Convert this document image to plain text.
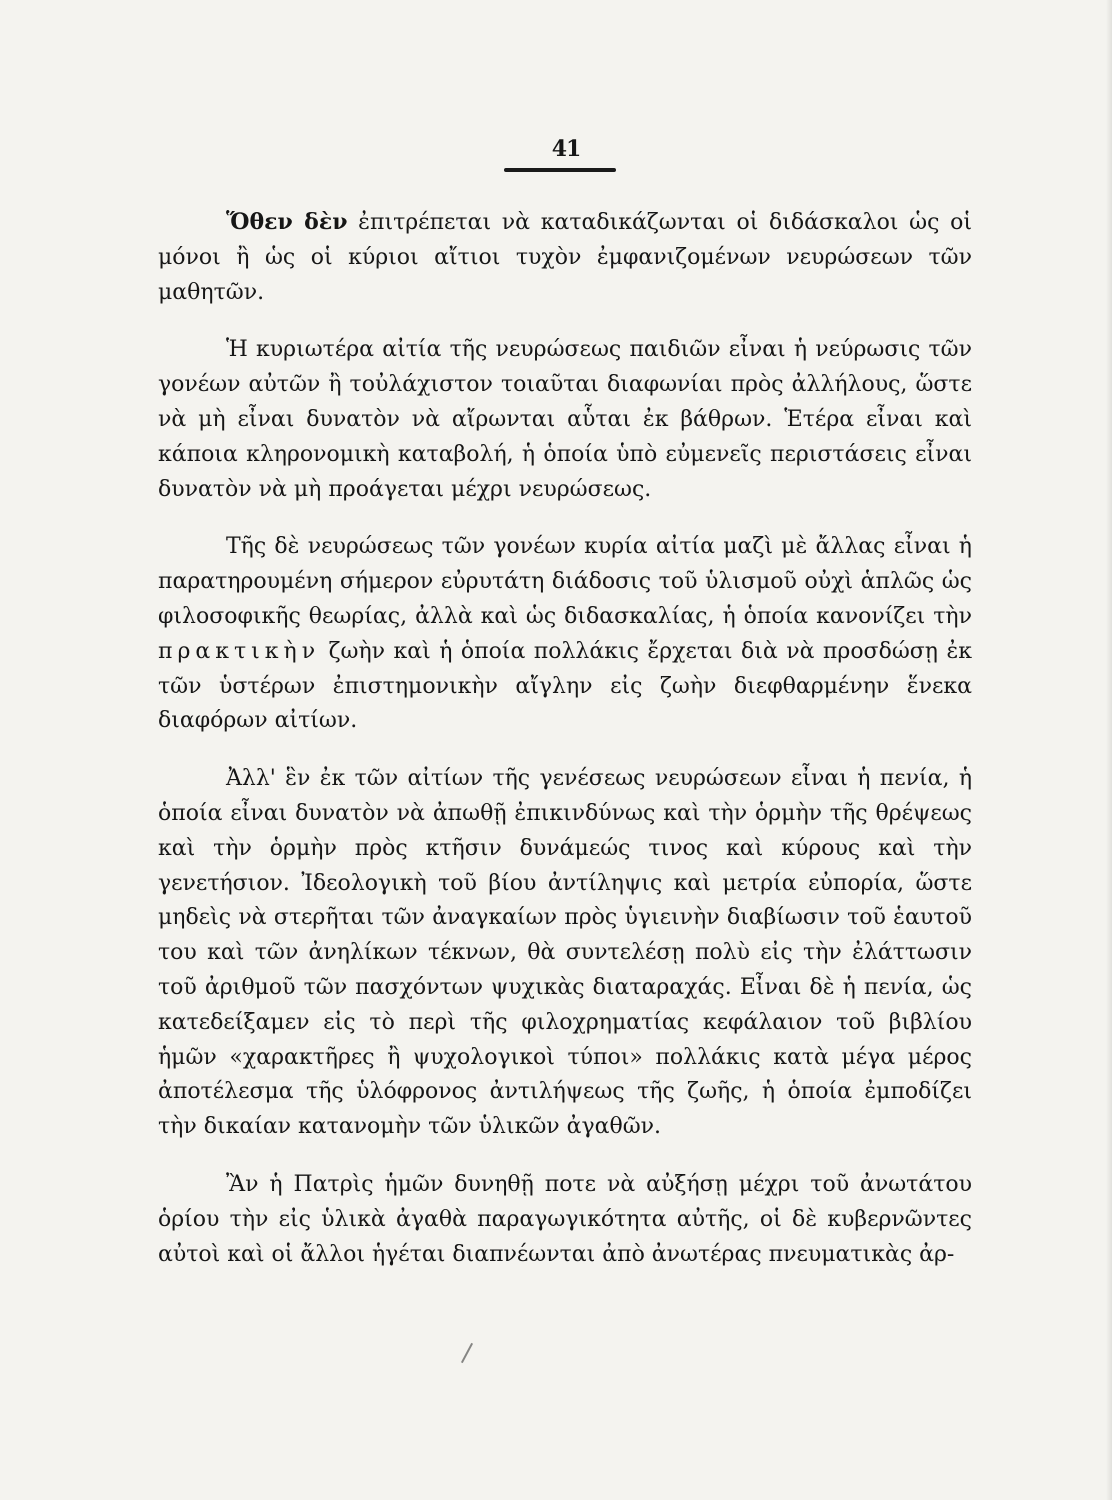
41

Ὅθεν δὲν ἐπιτρέπεται νὰ καταδικάζωνται οἱ διδάσκαλοι ὡς οἱ μόνοι ἢ ὡς οἱ κύριοι αἴτιοι τυχὸν ἐμφανιζομένων νευρώσεων τῶν μαθητῶν.

Ἡ κυριωτέρα αἰτία τῆς νευρώσεως παιδιῶν εἶναι ἡ νεύρωσις τῶν γονέων αὐτῶν ἢ τοὐλάχιστον τοιαῦται διαφωνίαι πρὸς ἀλλήλους, ὥστε νὰ μὴ εἶναι δυνατὸν νὰ αἴρωνται αὗται ἐκ βάθρων. Ἑτέρα εἶναι καὶ κάποια κληρονομικὴ καταβολή, ἡ ὁποία ὑπὸ εὐμενεῖς περιστάσεις εἶναι δυνατὸν νὰ μὴ προάγεται μέχρι νευρώσεως.

Τῆς δὲ νευρώσεως τῶν γονέων κυρία αἰτία μαζὶ μὲ ἄλλας εἶναι ἡ παρατηρουμένη σήμερον εὐρυτάτη διάδοσις τοῦ ὑλισμοῦ οὐχὶ ἁπλῶς ὡς φιλοσοφικῆς θεωρίας, ἀλλὰ καὶ ὡς διδασκαλίας, ἡ ὁποία κανονίζει τὴν πρακτικὴν ζωὴν καὶ ἡ ὁποία πολλάκις ἔρχεται διὰ νὰ προσδώσῃ ἐκ τῶν ὑστέρων ἐπιστημονικὴν αἴγλην εἰς ζωὴν διεφθαρμένην ἕνεκα διαφόρων αἰτίων.

Ἀλλ' ἓν ἐκ τῶν αἰτίων τῆς γενέσεως νευρώσεων εἶναι ἡ πενία, ἡ ὁποία εἶναι δυνατὸν νὰ ἀπωθῇ ἐπικινδύνως καὶ τὴν ὁρμὴν τῆς θρέψεως καὶ τὴν ὁρμὴν πρὸς κτῆσιν δυνάμεώς τινος καὶ κύρους καὶ τὴν γενετήσιον. Ἰδεολογικὴ τοῦ βίου ἀντίληψις καὶ μετρία εὐπορία, ὥστε μηδεὶς νὰ στερῆται τῶν ἀναγκαίων πρὸς ὑγιεινὴν διαβίωσιν τοῦ ἑαυτοῦ του καὶ τῶν ἀνηλίκων τέκνων, θὰ συντελέσῃ πολὺ εἰς τὴν ἐλάττωσιν τοῦ ἀριθμοῦ τῶν πασχόντων ψυχικὰς διαταραχάς. Εἶναι δὲ ἡ πενία, ὡς κατεδείξαμεν εἰς τὸ περὶ τῆς φιλοχρηματίας κεφάλαιον τοῦ βιβλίου ἡμῶν «χαρακτῆρες ἢ ψυχολογικοὶ τύποι» πολλάκις κατὰ μέγα μέρος ἀποτέλεσμα τῆς ὑλόφρονος ἀντιλήψεως τῆς ζωῆς, ἡ ὁποία ἐμποδίζει τὴν δικαίαν κατανομὴν τῶν ὑλικῶν ἀγαθῶν.

Ἂν ἡ Πατρὶς ἡμῶν δυνηθῇ ποτε νὰ αὐξήσῃ μέχρι τοῦ ἀνωτάτου ὁρίου τὴν εἰς ὑλικὰ ἀγαθὰ παραγωγικότητα αὐτῆς, οἱ δὲ κυβερνῶντες αὐτοὶ καὶ οἱ ἄλλοι ἡγέται διαπνέωνται ἀπὸ ἀνωτέρας πνευματικὰς ἀρ-
